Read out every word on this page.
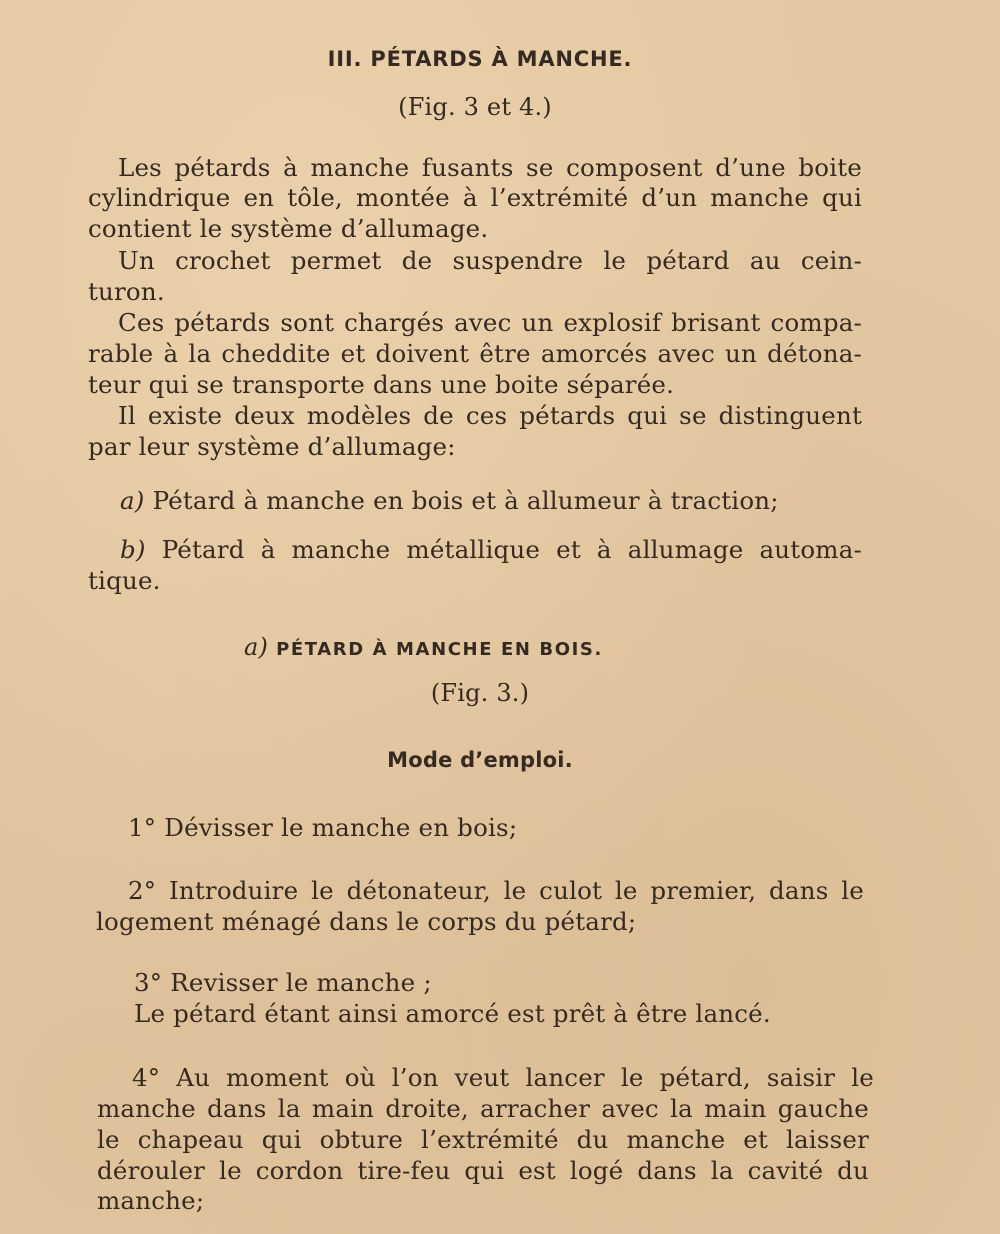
III. PÉTARDS À MANCHE.
(Fig. 3 et 4.)
Les pétards à manche fusants se composent d’une boite
cylindrique en tôle, montée à l’extrémité d’un manche qui
contient le système d’allumage.
Un crochet permet de suspendre le pétard au cein-
turon.
Ces pétards sont chargés avec un explosif brisant compa-
rable à la cheddite et doivent être amorcés avec un détona-
teur qui se transporte dans une boite séparée.
Il existe deux modèles de ces pétards qui se distinguent
par leur système d’allumage:
a) Pétard à manche en bois et à allumeur à traction;
b) Pétard à manche métallique et à allumage automa-
tique.
a) PÉTARD À MANCHE EN BOIS.
(Fig. 3.)
Mode d’emploi.
1° Dévisser le manche en bois;
2° Introduire le détonateur, le culot le premier, dans le
logement ménagé dans le corps du pétard;
3° Revisser le manche ;
Le pétard étant ainsi amorcé est prêt à être lancé.
4° Au moment où l’on veut lancer le pétard, saisir le
manche dans la main droite, arracher avec la main gauche
le chapeau qui obture l’extrémité du manche et laisser
dérouler le cordon tire-feu qui est logé dans la cavité du
manche;
